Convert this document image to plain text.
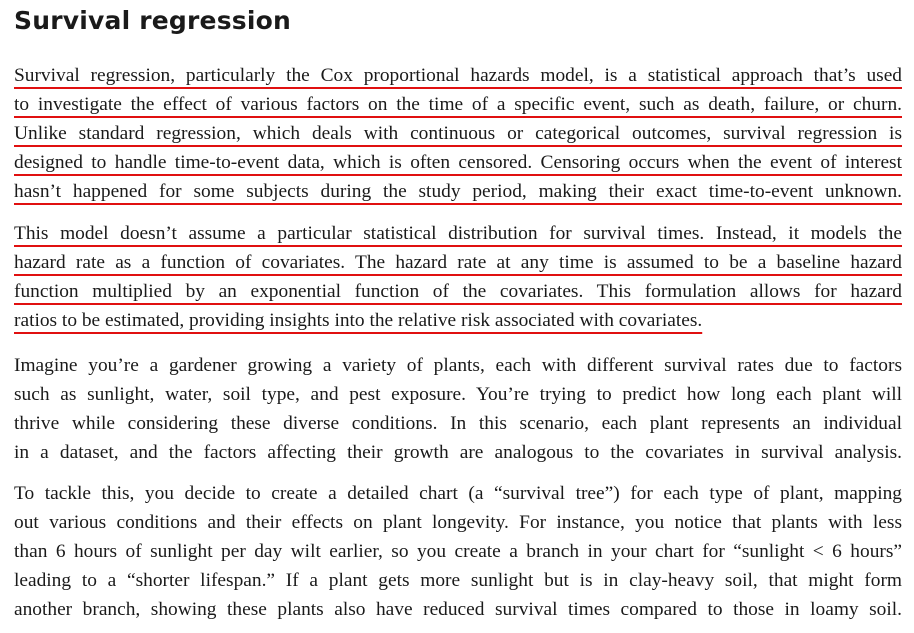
Survival regression
Survival regression, particularly the Cox proportional hazards model, is a statistical approach that’s used
to investigate the effect of various factors on the time of a specific event, such as death, failure, or churn.
Unlike standard regression, which deals with continuous or categorical outcomes, survival regression is
designed to handle time-to-event data, which is often censored. Censoring occurs when the event of interest
hasn’t happened for some subjects during the study period, making their exact time-to-event unknown.
This model doesn’t assume a particular statistical distribution for survival times. Instead, it models the
hazard rate as a function of covariates. The hazard rate at any time is assumed to be a baseline hazard
function multiplied by an exponential function of the covariates. This formulation allows for hazard
ratios to be estimated, providing insights into the relative risk associated with covariates.
Imagine you’re a gardener growing a variety of plants, each with different survival rates due to factors
such as sunlight, water, soil type, and pest exposure. You’re trying to predict how long each plant will
thrive while considering these diverse conditions. In this scenario, each plant represents an individual
in a dataset, and the factors affecting their growth are analogous to the covariates in survival analysis.
To tackle this, you decide to create a detailed chart (a “survival tree”) for each type of plant, mapping
out various conditions and their effects on plant longevity. For instance, you notice that plants with less
than 6 hours of sunlight per day wilt earlier, so you create a branch in your chart for “sunlight < 6 hours”
leading to a “shorter lifespan.” If a plant gets more sunlight but is in clay-heavy soil, that might form
another branch, showing these plants also have reduced survival times compared to those in loamy soil.
